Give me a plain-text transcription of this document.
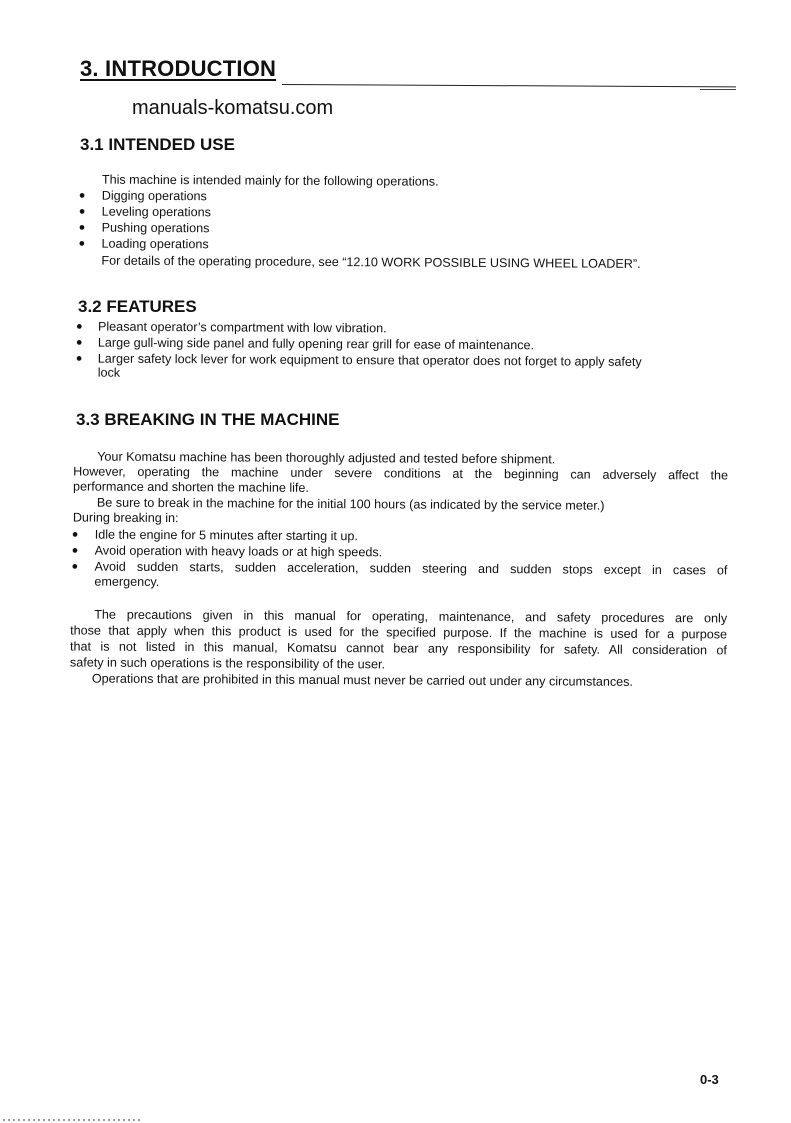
3. INTRODUCTION
manuals-komatsu.com
3.1 INTENDED USE
This machine is intended mainly for the following operations.
● Digging operations
● Leveling operations
● Pushing operations
● Loading operations
For details of the operating procedure, see “12.10 WORK POSSIBLE USING WHEEL LOADER”.
3.2 FEATURES
● Pleasant operator’s compartment with low vibration.
● Large gull-wing side panel and fully opening rear grill for ease of maintenance.
● Larger safety lock lever for work equipment to ensure that operator does not forget to apply safety
lock
3.3 BREAKING IN THE MACHINE
Your Komatsu machine has been thoroughly adjusted and tested before shipment.
However, operating the machine under severe conditions at the beginning can adversely affect the
performance and shorten the machine life.
Be sure to break in the machine for the initial 100 hours (as indicated by the service meter.)
During breaking in:
● Idle the engine for 5 minutes after starting it up.
● Avoid operation with heavy loads or at high speeds.
● Avoid sudden starts, sudden acceleration, sudden steering and sudden stops except in cases of
emergency.
The precautions given in this manual for operating, maintenance, and safety procedures are only
those that apply when this product is used for the specified purpose. If the machine is used for a purpose
that is not listed in this manual, Komatsu cannot bear any responsibility for safety. All consideration of
safety in such operations is the responsibility of the user.
Operations that are prohibited in this manual must never be carried out under any circumstances.
0-3
